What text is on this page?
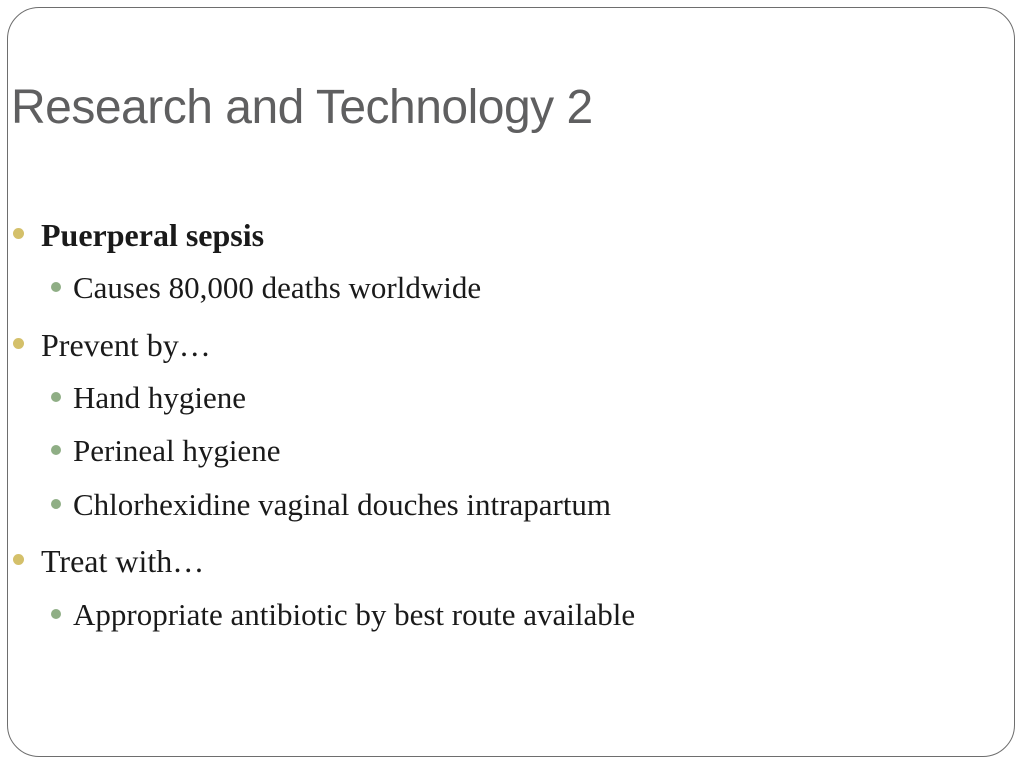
Research and Technology 2
Puerperal sepsis
Causes 80,000 deaths worldwide
Prevent by…
Hand hygiene
Perineal hygiene
Chlorhexidine vaginal douches intrapartum
Treat with…
Appropriate antibiotic by best route available
